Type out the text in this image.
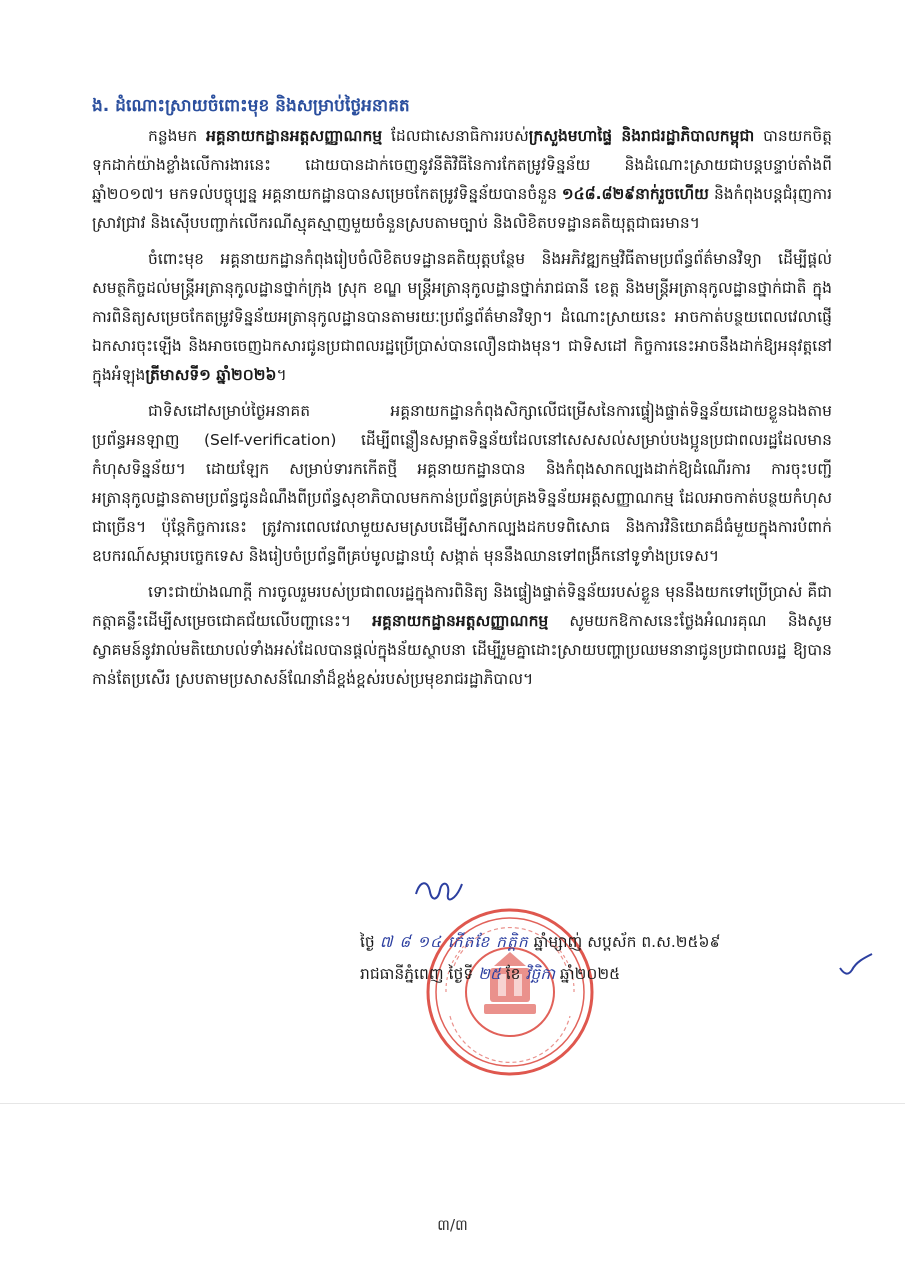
ង. ដំណោះស្រាយចំពោះមុខ និងសម្រាប់ថ្ងៃអនាគត

កន្លងមក អគ្គនាយកដ្ឋានអត្តសញ្ញាណកម្ម ដែលជាសេនាធិការរបស់ក្រសួងមហាផ្ទៃ និងរាជរដ្ឋាភិបាលកម្ពុជា បានយកចិត្តទុកដាក់យ៉ាងខ្លាំងលើការងារនេះ ដោយបានដាក់ចេញនូវនីតិវិធីនៃការកែតម្រូវទិន្នន័យ និងដំណោះស្រាយជាបន្តបន្ទាប់តាំងពីឆ្នាំ២០១៧។ មកទល់បច្ចុប្បន្ន អគ្គនាយកដ្ឋានបានសម្រេចកែតម្រូវទិន្នន័យបានចំនួន ១៤៨.៨២៩នាក់រួចហើយ និងកំពុងបន្តជំរុញការស្រាវជ្រាវ និងស៊ើបបញ្ជាក់លើករណីស្មុគស្មាញមួយចំនួនស្របតាមច្បាប់ និងលិខិតបទដ្ឋានគតិយុត្តជាធរមាន។

ចំពោះមុខ អគ្គនាយកដ្ឋានកំពុងរៀបចំលិខិតបទដ្ឋានគតិយុត្តបន្ថែម និងអភិវឌ្ឍកម្មវិធីតាមប្រព័ន្ធព័ត៌មានវិទ្យា ដើម្បីផ្តល់សមត្ថកិច្ចដល់មន្ត្រីអត្រានុកូលដ្ឋានថ្នាក់ក្រុង ស្រុក ខណ្ឌ មន្ត្រីអត្រានុកូលដ្ឋានថ្នាក់រាជធានី ខេត្ត និងមន្ត្រីអត្រានុកូលដ្ឋានថ្នាក់ជាតិ ក្នុងការពិនិត្យសម្រេចកែតម្រូវទិន្នន័យអត្រានុកូលដ្ឋានបានតាមរយៈប្រព័ន្ធព័ត៌មានវិទ្យា។ ដំណោះស្រាយនេះ អាចកាត់បន្ថយពេលវេលាផ្ញើឯកសារចុះឡើង និងអាចចេញឯកសារជូនប្រជាពលរដ្ឋប្រើប្រាស់បានលឿនជាងមុន។ ជាទិសដៅ កិច្ចការនេះអាចនឹងដាក់ឱ្យអនុវត្តនៅក្នុងអំឡុងត្រីមាសទី១ ឆ្នាំ២០២៦។

ជាទិសដៅសម្រាប់ថ្ងៃអនាគត អគ្គនាយកដ្ឋានកំពុងសិក្សាលើជម្រើសនៃការផ្ទៀងផ្ទាត់ទិន្នន័យដោយខ្លួនឯងតាមប្រព័ន្ធអនឡាញ (Self-verification) ដើម្បីពន្លឿនសម្អាតទិន្នន័យដែលនៅសេសសល់សម្រាប់បងប្អូនប្រជាពលរដ្ឋដែលមានកំហុសទិន្នន័យ។ ដោយឡែក សម្រាប់ទារកកើតថ្មី អគ្គនាយកដ្ឋានបាន និងកំពុងសាកល្បងដាក់ឱ្យដំណើរការ ការចុះបញ្ជីអត្រានុកូលដ្ឋានតាមប្រព័ន្ធជូនដំណឹងពីប្រព័ន្ធសុខាភិបាលមកកាន់ប្រព័ន្ធគ្រប់គ្រងទិន្នន័យអត្តសញ្ញាណកម្ម ដែលអាចកាត់បន្ថយកំហុសជាច្រើន។ ប៉ុន្តែកិច្ចការនេះ ត្រូវការពេលវេលាមួយសមស្របដើម្បីសាកល្បងដកបទពិសោធ និងការវិនិយោគដ៏ធំមួយក្នុងការបំពាក់ឧបករណ៍សម្ភារបច្ចេកទេស និងរៀបចំប្រព័ន្ធពីគ្រប់មូលដ្ឋានឃុំ សង្កាត់ មុននឹងឈានទៅពង្រីកនៅទូទាំងប្រទេស។

ទោះជាយ៉ាងណាក្តី ការចូលរួមរបស់ប្រជាពលរដ្ឋក្នុងការពិនិត្យ និងផ្ទៀងផ្ទាត់ទិន្នន័យរបស់ខ្លួន មុននឹងយកទៅប្រើប្រាស់ គឺជាកត្តាគន្លឹះដើម្បីសម្រេចជោគជ័យលើបញ្ហានេះ។ អគ្គនាយកដ្ឋានអត្តសញ្ញាណកម្ម សូមយកឱកាសនេះថ្លែងអំណរគុណ និងសូមស្វាគមន៍នូវរាល់មតិយោបល់ទាំងអស់ដែលបានផ្តល់ក្នុងន័យស្ថាបនា ដើម្បីរួមគ្នាដោះស្រាយបញ្ហាប្រឈមនានាជូនប្រជាពលរដ្ឋ ឱ្យបានកាន់តែប្រសើរ ស្របតាមប្រសាសន៍ណែនាំដ៏ខ្ពង់ខ្ពស់របស់ប្រមុខរាជរដ្ឋាភិបាល។

ថ្ងៃ ៧ ៨ ១៤ កើតខែ កត្ដិក ឆ្នាំម្សាញ់ សប្តស័ក ព.ស.២៥៦៩
រាជធានីភ្នំពេញ ថ្ងៃទី ២៥ ខែ វិច្ឆិកា ឆ្នាំ២០២៥
៣/៣
